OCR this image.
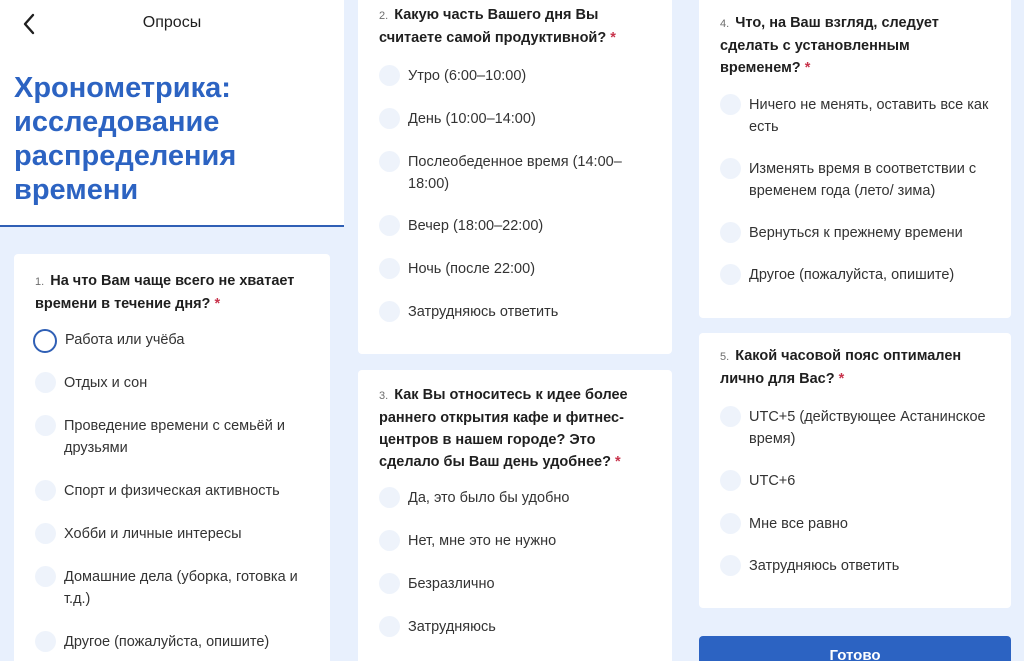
Опросы
Хронометрика: исследование распределения времени
1. На что Вам чаще всего не хватает времени в течение дня? *
Работа или учёба
Отдых и сон
Проведение времени с семьёй и друзьями
Спорт и физическая активность
Хобби и личные интересы
Домашние дела (уборка, готовка и т.д.)
Другое (пожалуйста, опишите)
2. Какую часть Вашего дня Вы считаете самой продуктивной? *
Утро (6:00–10:00)
День (10:00–14:00)
Послеобеденное время (14:00–18:00)
Вечер (18:00–22:00)
Ночь (после 22:00)
Затрудняюсь ответить
3. Как Вы относитесь к идее более раннего открытия кафе и фитнес-центров в нашем городе? Это сделало бы Ваш день удобнее? *
Да, это было бы удобно
Нет, мне это не нужно
Безразлично
Затрудняюсь
4. Что, на Ваш взгляд, следует сделать с установленным временем? *
Ничего не менять, оставить все как есть
Изменять время в соответствии с временем года (лето/ зима)
Вернуться к прежнему времени
Другое (пожалуйста, опишите)
5. Какой часовой пояс оптимален лично для Вас? *
UTC+5 (действующее Астанинское время)
UTC+6
Мне все равно
Затрудняюсь ответить
Готово
